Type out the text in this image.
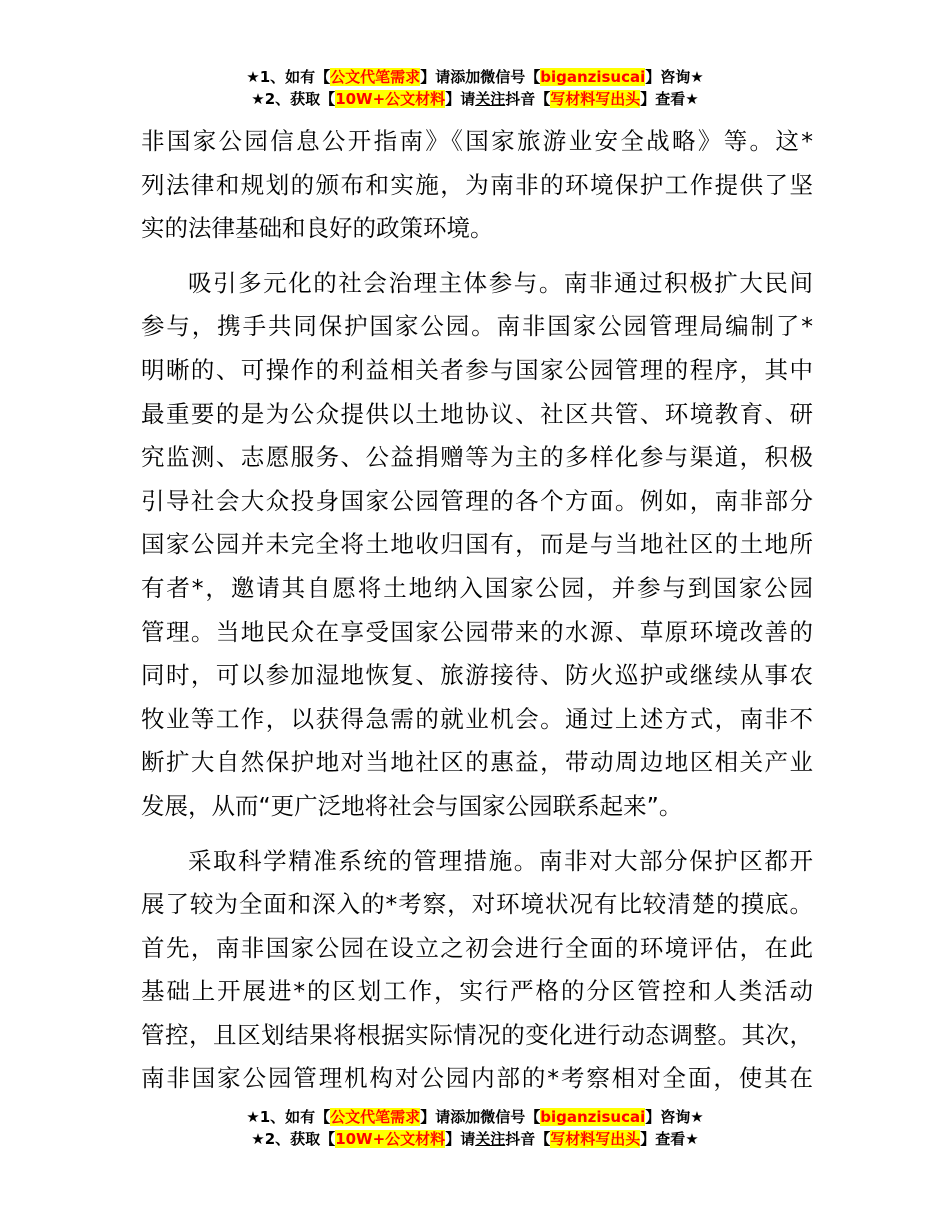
★1、如有【公文代笔需求】请添加微信号【biganzisucai】咨询★
★2、获取【10W+公文材料】请关注抖音【写材料写出头】查看★

非国家公园信息公开指南》《国家旅游业安全战略》等。这*

列法律和规划的颁布和实施，为南非的环境保护工作提供了坚

实的法律基础和良好的政策环境。

吸引多元化的社会治理主体参与。南非通过积极扩大民间

参与，携手共同保护国家公园。南非国家公园管理局编制了*

明晰的、可操作的利益相关者参与国家公园管理的程序，其中

最重要的是为公众提供以土地协议、社区共管、环境教育、研

究监测、志愿服务、公益捐赠等为主的多样化参与渠道，积极

引导社会大众投身国家公园管理的各个方面。例如，南非部分

国家公园并未完全将土地收归国有，而是与当地社区的土地所

有者*，邀请其自愿将土地纳入国家公园，并参与到国家公园

管理。当地民众在享受国家公园带来的水源、草原环境改善的

同时，可以参加湿地恢复、旅游接待、防火巡护或继续从事农

牧业等工作，以获得急需的就业机会。通过上述方式，南非不

断扩大自然保护地对当地社区的惠益，带动周边地区相关产业

发展，从而“更广泛地将社会与国家公园联系起来”。

采取科学精准系统的管理措施。南非对大部分保护区都开

展了较为全面和深入的*考察，对环境状况有比较清楚的摸底。

首先，南非国家公园在设立之初会进行全面的环境评估，在此

基础上开展进*的区划工作，实行严格的分区管控和人类活动

管控，且区划结果将根据实际情况的变化进行动态调整。其次，

南非国家公园管理机构对公园内部的*考察相对全面，使其在

★1、如有【公文代笔需求】请添加微信号【biganzisucai】咨询★
★2、获取【10W+公文材料】请关注抖音【写材料写出头】查看★
